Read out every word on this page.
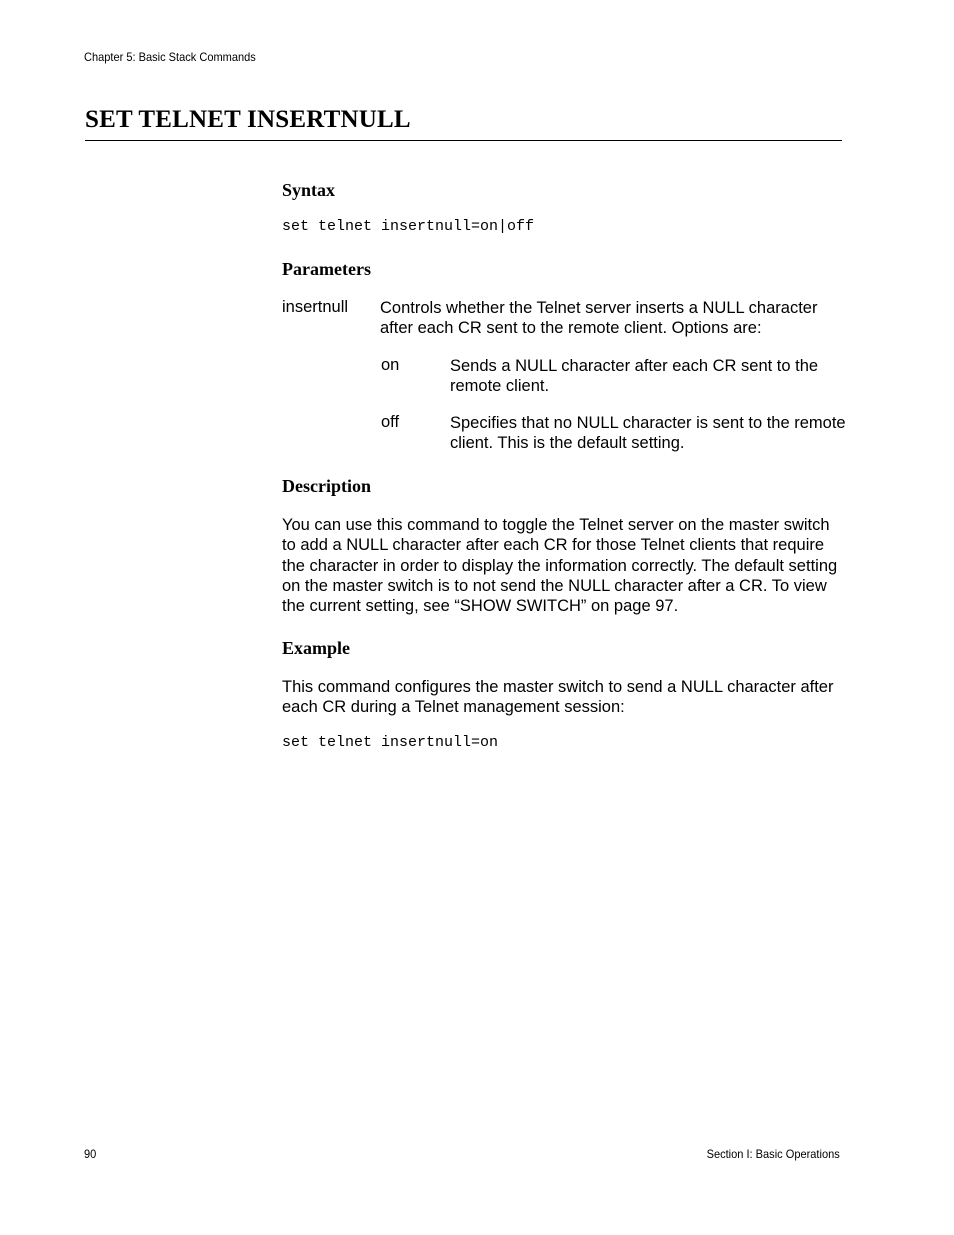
Chapter 5: Basic Stack Commands
SET TELNET INSERTNULL
Syntax
set telnet insertnull=on|off
Parameters
insertnull Controls whether the Telnet server inserts a NULL character after each CR sent to the remote client. Options are:
on	Sends a NULL character after each CR sent to the remote client.
off	Specifies that no NULL character is sent to the remote client. This is the default setting.
Description
You can use this command to toggle the Telnet server on the master switch to add a NULL character after each CR for those Telnet clients that require the character in order to display the information correctly. The default setting on the master switch is to not send the NULL character after a CR. To view the current setting, see “SHOW SWITCH” on page 97.
Example
This command configures the master switch to send a NULL character after each CR during a Telnet management session:
set telnet insertnull=on
90	Section I: Basic Operations
